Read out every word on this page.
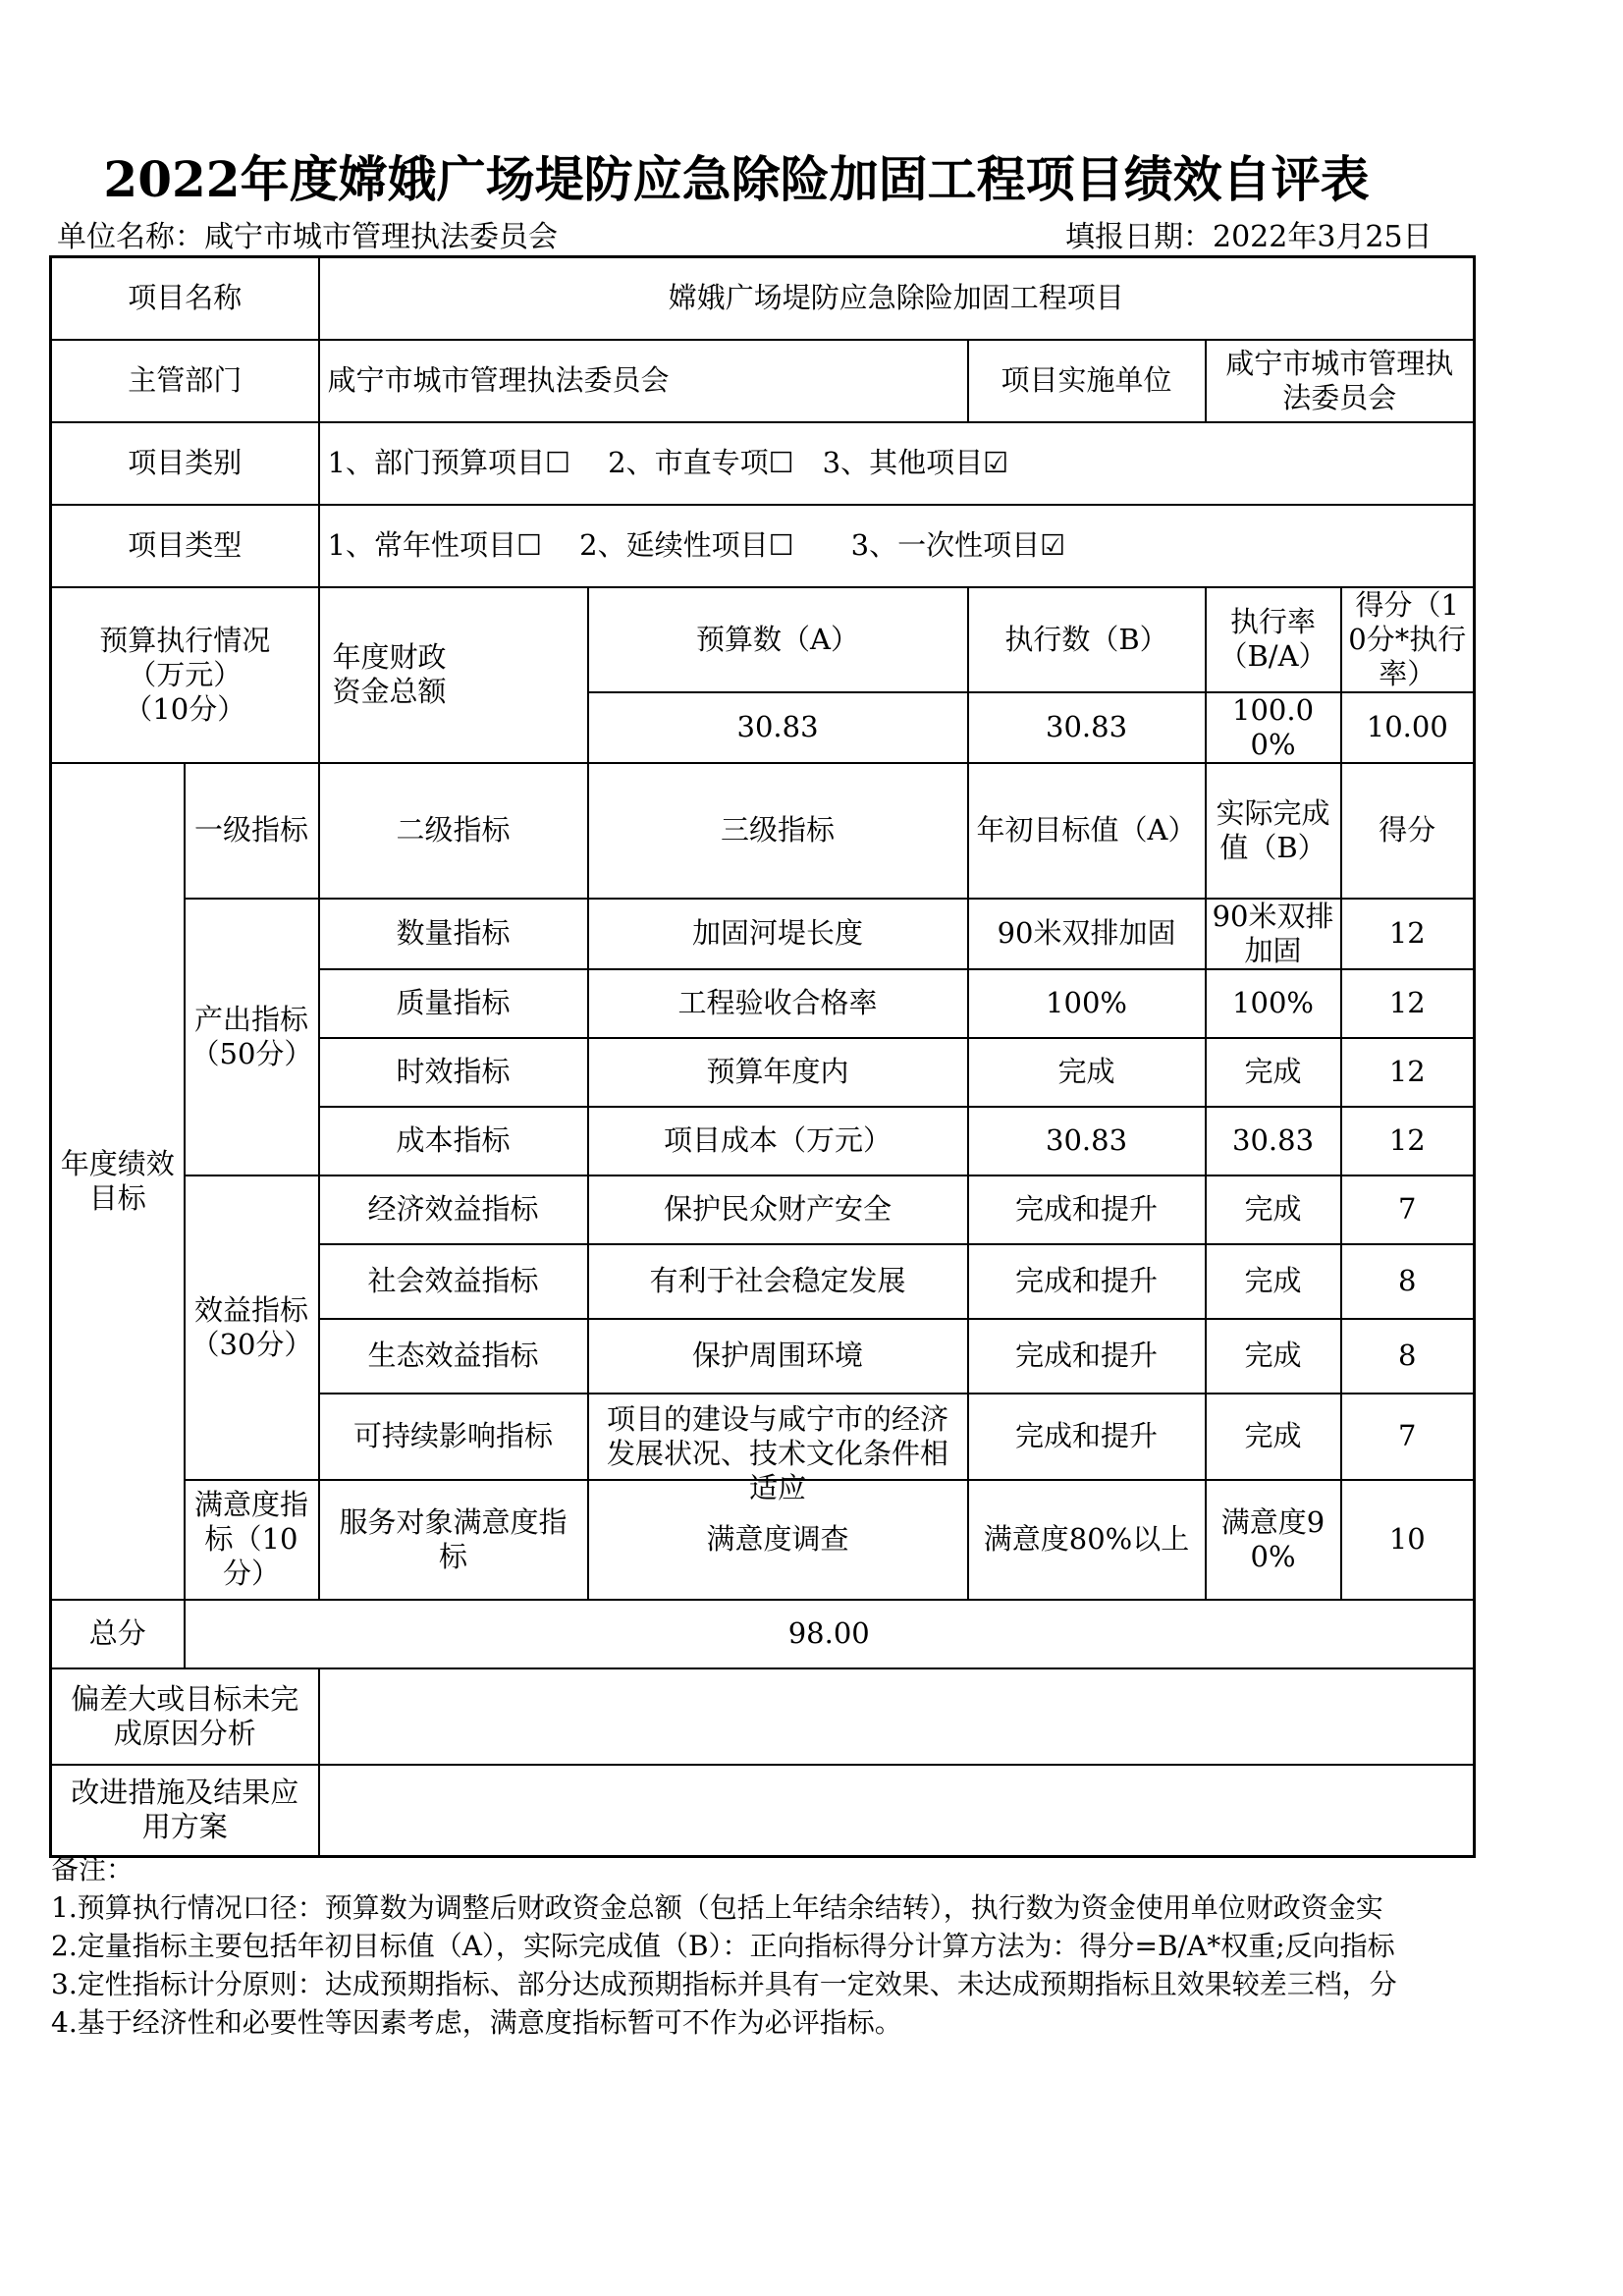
2022年度嫦娥广场堤防应急除险加固工程项目绩效自评表
单位名称：咸宁市城市管理执法委员会	填报日期：2022年3月25日
项目名称		嫦娥广场堤防应急除险加固工程项目				
主管部门		咸宁市城市管理执法委员会		项目实施单位	咸宁市城市管理执法委员会	
项目类别		1、部门预算项目☐　 2、市直专项☐　3、其他项目☑				
项目类型		1、常年性项目☐　 2、延续性项目☐　　3、一次性项目☑				

预算执行情况
（万元）
（10分）		年度财政资金总额	预算数（A）	执行数（B）	执行率（B/A）	得分（10分*执行率）
			30.83	30.83	100.00%	10.00
年度绩效目标	一级指标	二级指标	三级指标	年初目标值（A）	实际完成值（B）	得分
	产出指标（50分）	数量指标	加固河堤长度	90米双排加固	90米双排加固	12
		质量指标	工程验收合格率	100%	100%	12
		时效指标	预算年度内	完成	完成	12
		成本指标	项目成本（万元）	30.83	30.83	12
	效益指标（30分）	经济效益指标	保护民众财产安全	完成和提升	完成	7
		社会效益指标	有利于社会稳定发展	完成和提升	完成	8
		生态效益指标	保护周围环境	完成和提升	完成	8
		可持续影响指标	项目的建设与咸宁市的经济发展状况、技术文化条件相适应	完成和提升	完成	7
	满意度指　标（10分）	服务对象满意度指标	满意度调查	满意度80%以上	满意度90%	10
总分	98.00					
偏差大或目标未完成原因分析						
改进措施及结果应用方案						
备注：
1.预算执行情况口径：预算数为调整后财政资金总额（包括上年结余结转），执行数为资金使用单位财政资金实
2.定量指标主要包括年初目标值（A），实际完成值（B）：正向指标得分计算方法为：得分=B/A*权重;反向指标
3.定性指标计分原则：达成预期指标、部分达成预期指标并具有一定效果、未达成预期指标且效果较差三档，分
4.基于经济性和必要性等因素考虑，满意度指标暂可不作为必评指标。
